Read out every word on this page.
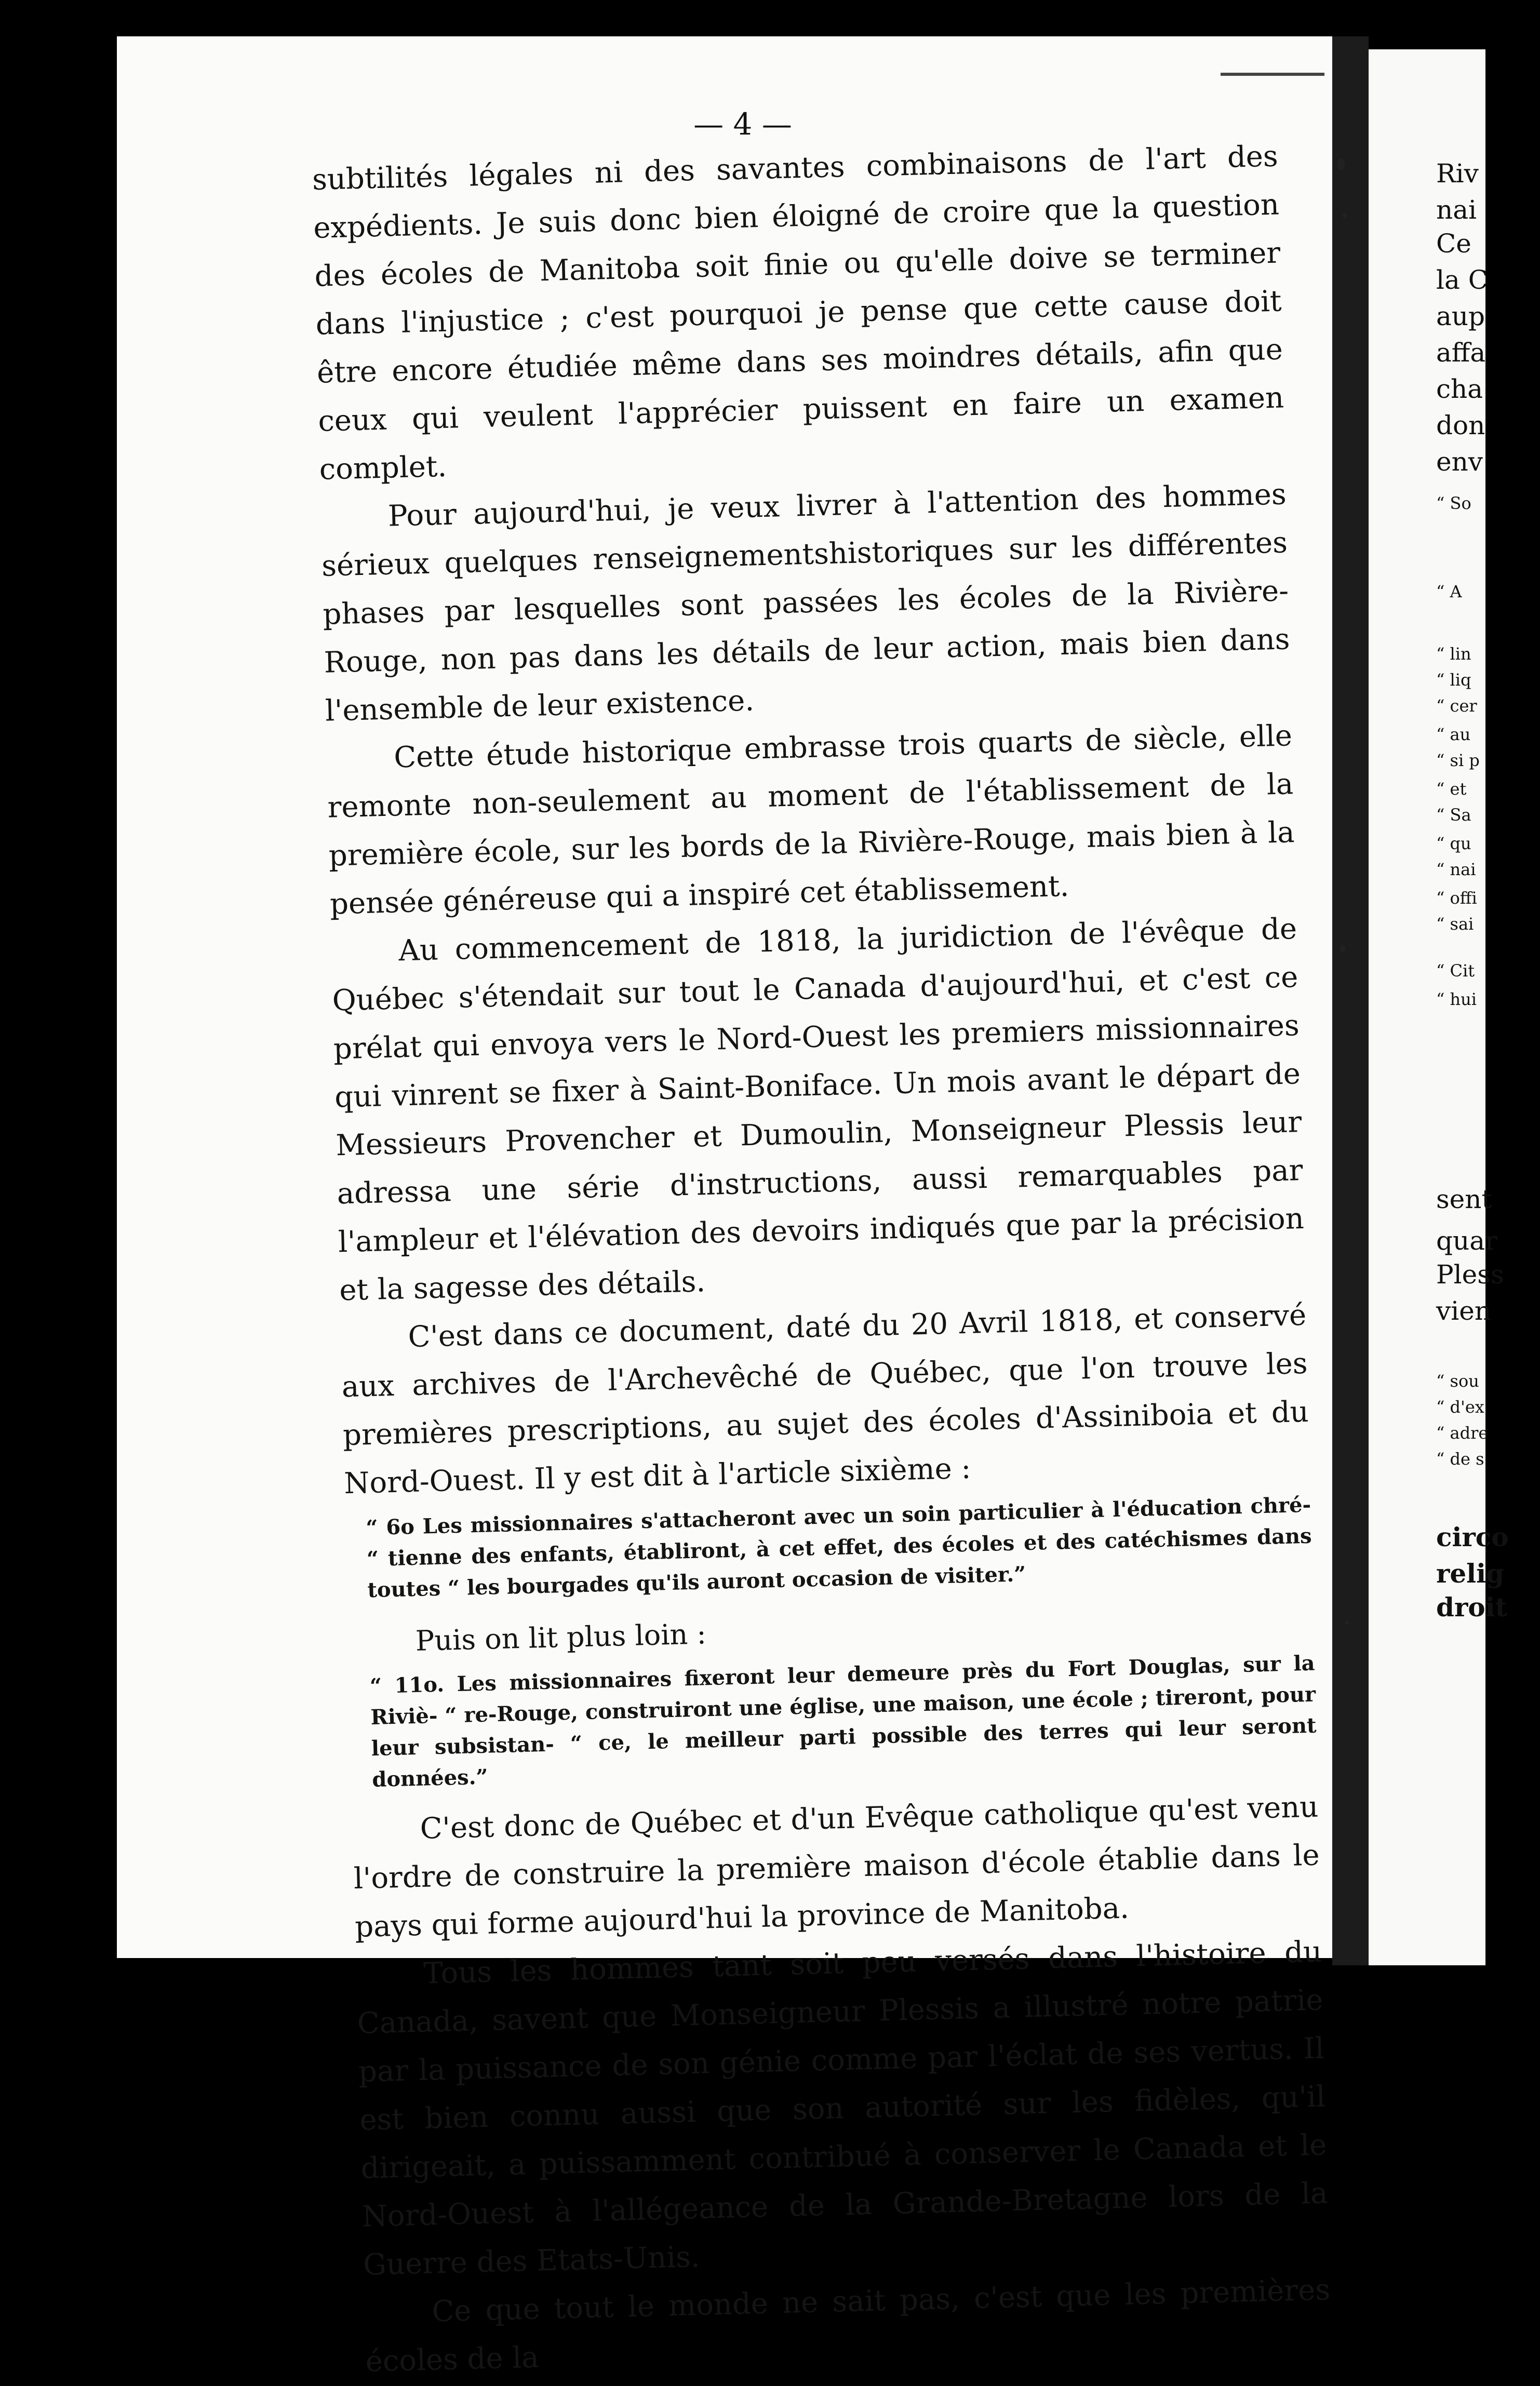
— 4 —

subtilités légales ni des savantes combinaisons de l'art des expédients. Je suis donc bien éloigné de croire que la question des écoles de Manitoba soit finie ou qu'elle doive se terminer dans l'injustice ; c'est pourquoi je pense que cette cause doit être encore étudiée même dans ses moindres détails, afin que ceux qui veulent l'apprécier puissent en faire un examen complet.

Pour aujourd'hui, je veux livrer à l'attention des hommes sérieux quelques renseignementshistoriques sur les différentes phases par lesquelles sont passées les écoles de la Rivière-Rouge, non pas dans les détails de leur action, mais bien dans l'ensemble de leur existence.

Cette étude historique embrasse trois quarts de siècle, elle remonte non-seulement au moment de l'établissement de la première école, sur les bords de la Rivière-Rouge, mais bien à la pensée généreuse qui a inspiré cet établissement.

Au commencement de 1818, la juridiction de l'évêque de Québec s'étendait sur tout le Canada d'aujourd'hui, et c'est ce prélat qui envoya vers le Nord-Ouest les premiers missionnaires qui vinrent se fixer à Saint-Boniface. Un mois avant le départ de Messieurs Provencher et Dumoulin, Monseigneur Plessis leur adressa une série d'instructions, aussi remarquables par l'ampleur et l'élévation des devoirs indiqués que par la précision et la sagesse des détails.

C'est dans ce document, daté du 20 Avril 1818, et conservé aux archives de l'Archevêché de Québec, que l'on trouve les premières prescriptions, au sujet des écoles d'Assiniboia et du Nord-Ouest. Il y est dit à l'article sixième :

“ 6o Les missionnaires s'attacheront avec un soin particulier à l'éducation chré- “ tienne des enfants, établiront, à cet effet, des écoles et des catéchismes dans toutes “ les bourgades qu'ils auront occasion de visiter.”

Puis on lit plus loin :

“ 11o. Les missionnaires fixeront leur demeure près du Fort Douglas, sur la Riviè- “ re-Rouge, construiront une église, une maison, une école ; tireront, pour leur subsistan- “ ce, le meilleur parti possible des terres qui leur seront données.”

C'est donc de Québec et d'un Evêque catholique qu'est venu l'ordre de construire la première maison d'école établie dans le pays qui forme aujourd'hui la province de Manitoba.

Tous les hommes tant soit peu versés dans l'histoire du Canada, savent que Monseigneur Plessis a illustré notre patrie par la puissance de son génie comme par l'éclat de ses vertus. Il est bien connu aussi que son autorité sur les fidèles, qu'il dirigeait, a puissamment contribué à conserver le Canada et le Nord-Ouest à l'allégeance de la Grande-Bretagne lors de la Guerre des Etats-Unis.

Ce que tout le monde ne sait pas, c'est que les premières écoles de la

Riv
nai
Ce
la C
aup
affa
cha
don
env
“ So
“ A
“ lin
“ liq
“ cer
“ au
“ si p
“ et
“ Sa
“ qu
“ nai
“ offi
“ sai
“ Cit
“ hui
sent
quar
Pless
vien
“ sou
“ d'ex
“ adre
“ de s
circo
relig
droit
